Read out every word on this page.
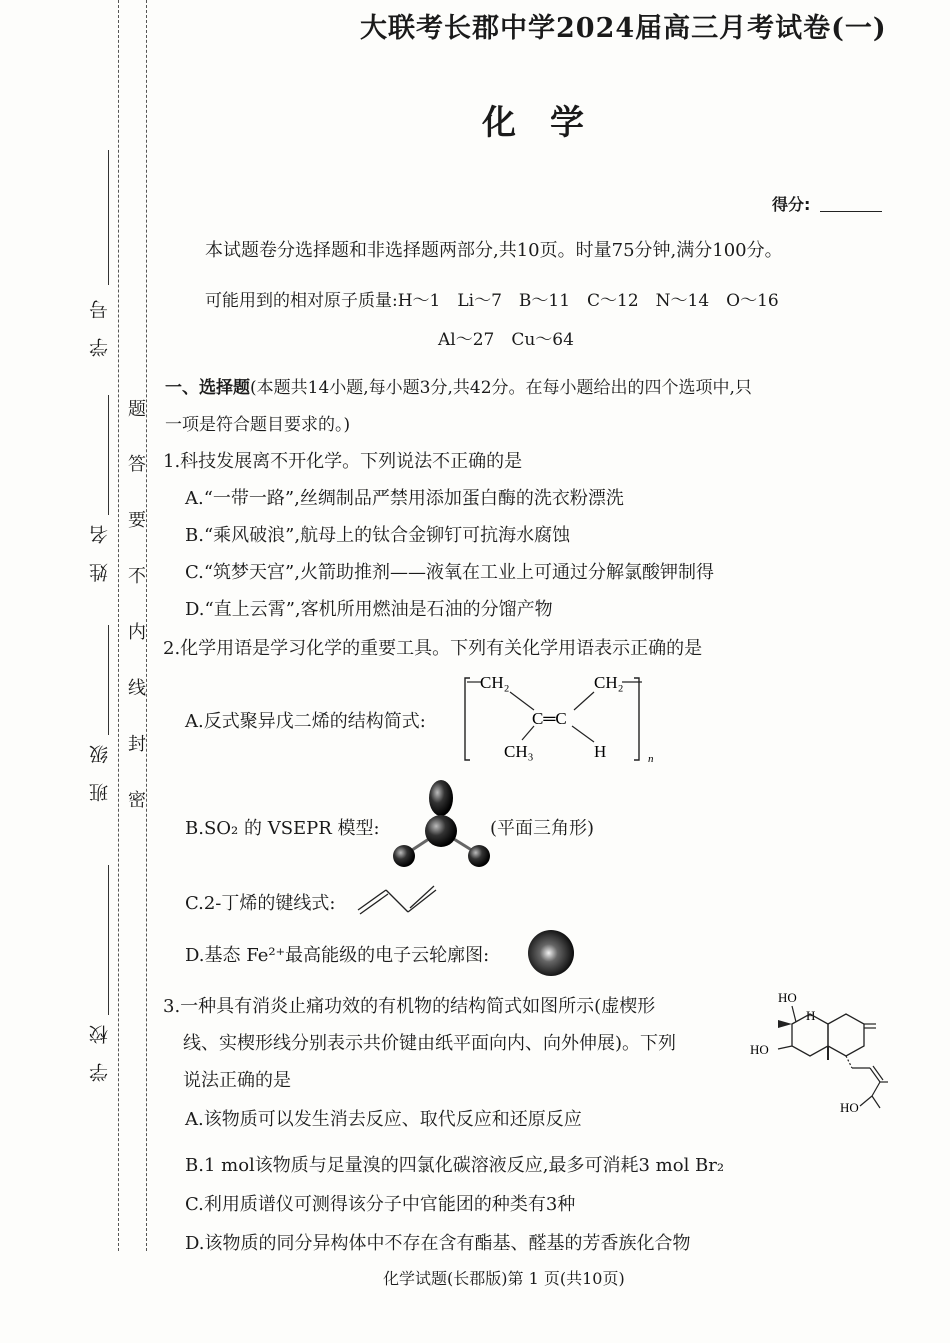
学　号
姓　名
班　级
学　校
题
答
要
不
内
线
封
密
大联考长郡中学2024届高三月考试卷(一)
化　学
得分:
本试题卷分选择题和非选择题两部分,共10页。时量75分钟,满分100分。
可能用到的相对原子质量:H～1　Li～7　B～11　C～12　N～14　O～16
Al～27　Cu～64
一、选择题(本题共14小题,每小题3分,共42分。在每小题给出的四个选项中,只
一项是符合题目要求的。)
1.科技发展离不开化学。下列说法不正确的是
A.“一带一路”,丝绸制品严禁用添加蛋白酶的洗衣粉漂洗
B.“乘风破浪”,航母上的钛合金铆钉可抗海水腐蚀
C.“筑梦天宫”,火箭助推剂——液氧在工业上可通过分解氯酸钾制得
D.“直上云霄”,客机所用燃油是石油的分馏产物
2.化学用语是学习化学的重要工具。下列有关化学用语表示正确的是
A.反式聚异戊二烯的结构简式:
CH₂	CH₂
C═C
CH₃	H	n
B.SO₂ 的 VSEPR 模型:	(平面三角形)
C.2-丁烯的键线式:
D.基态 Fe²⁺最高能级的电子云轮廓图:
3.一种具有消炎止痛功效的有机物的结构简式如图所示(虚楔形
线、实楔形线分别表示共价键由纸平面向内、向外伸展)。下列
说法正确的是
HO
H
HO
HO
A.该物质可以发生消去反应、取代反应和还原反应
B.1 mol该物质与足量溴的四氯化碳溶液反应,最多可消耗3 mol Br₂
C.利用质谱仪可测得该分子中官能团的种类有3种
D.该物质的同分异构体中不存在含有酯基、醛基的芳香族化合物
化学试题(长郡版)第 1 页(共10页)
